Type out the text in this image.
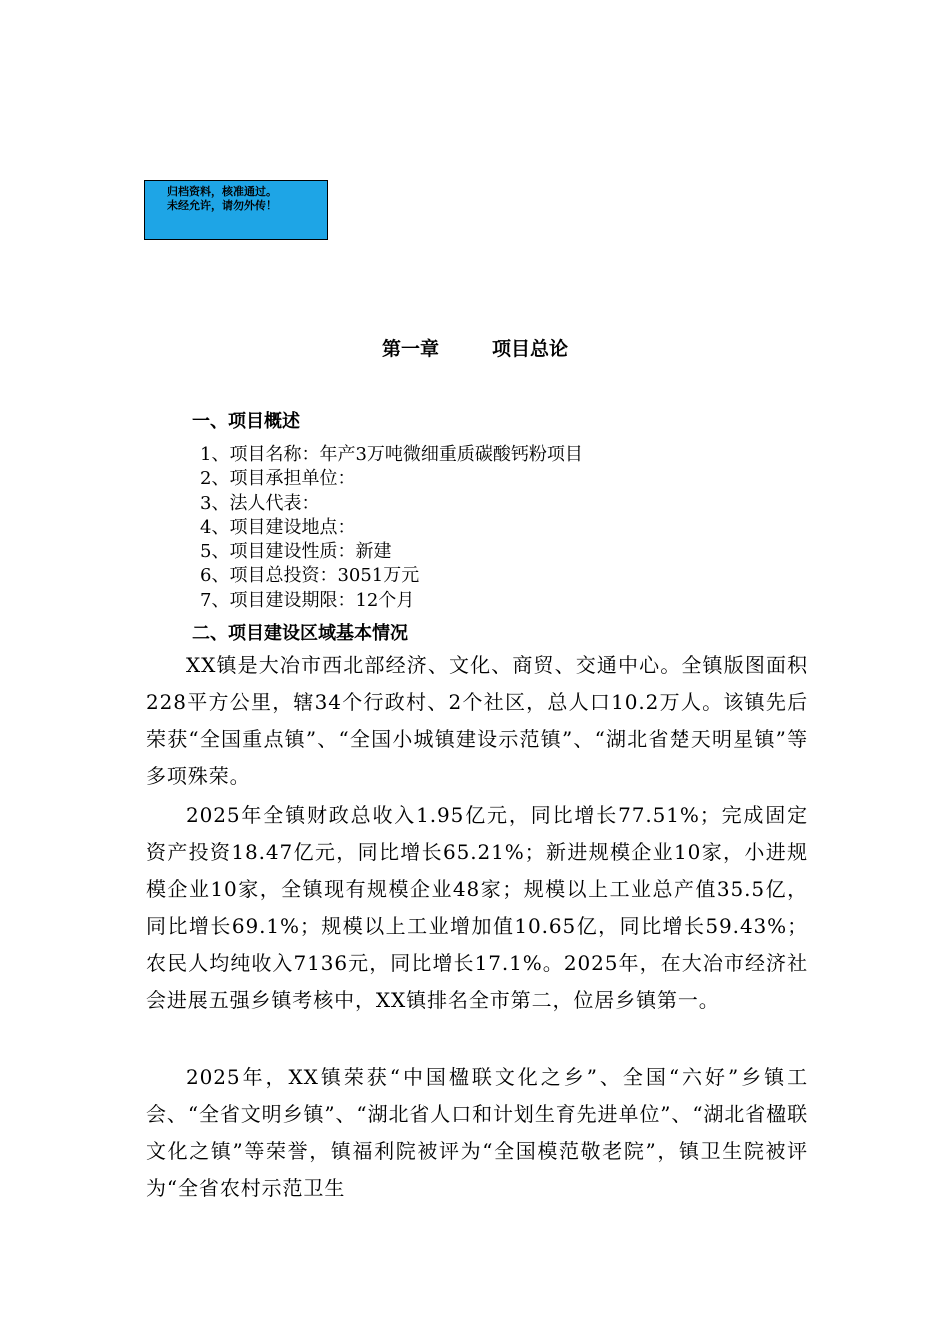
归档资料，核准通过。
未经允许，请勿外传！
第一章        项目总论
一、项目概述
1、项目名称：年产3万吨微细重质碳酸钙粉项目
2、项目承担单位：
3、法人代表：
4、项目建设地点：
5、项目建设性质：新建
6、项目总投资：3051万元
7、项目建设期限：12个月
二、项目建设区域基本情况

XX镇是大冶市西北部经济、文化、商贸、交通中心。全镇版图面积228平方公里，辖34个行政村、2个社区，总人口10.2万人。该镇先后荣获“全国重点镇”、“全国小城镇建设示范镇”、“湖北省楚天明星镇”等多项殊荣。

2025年全镇财政总收入1.95亿元，同比增长77.51%；完成固定资产投资18.47亿元，同比增长65.21%；新进规模企业10家，小进规模企业10家，全镇现有规模企业48家；规模以上工业总产值35.5亿，同比增长69.1%；规模以上工业增加值10.65亿，同比增长59.43%；农民人均纯收入7136元，同比增长17.1%。2025年，在大冶市经济社会进展五强乡镇考核中，XX镇排名全市第二，位居乡镇第一。

2025年，XX镇荣获“中国楹联文化之乡”、全国“六好”乡镇工会、“全省文明乡镇”、“湖北省人口和计划生育先进单位”、“湖北省楹联文化之镇”等荣誉，镇福利院被评为“全国模范敬老院”，镇卫生院被评为“全省农村示范卫生
